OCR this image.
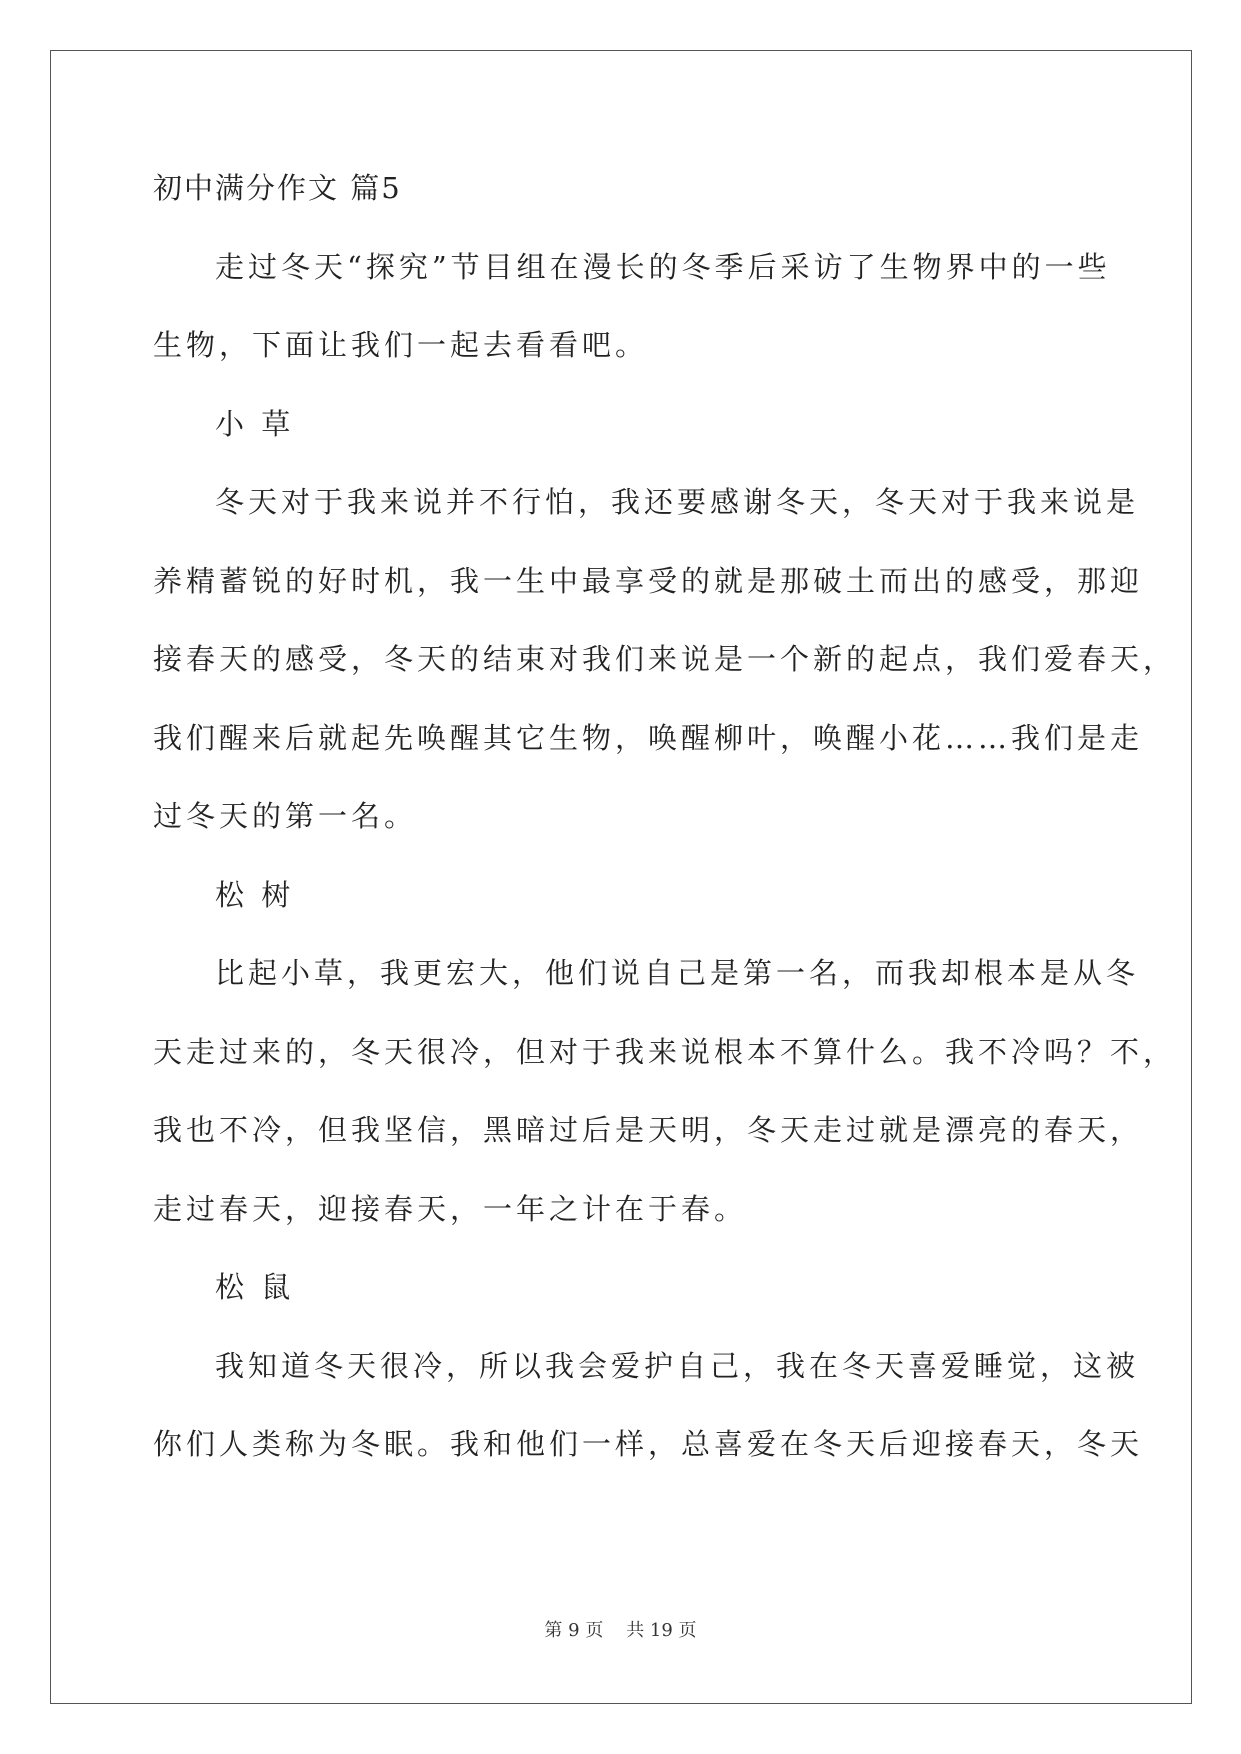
初中满分作文 篇5
走过冬天“探究”节目组在漫长的冬季后采访了生物界中的一些
生物，下面让我们一起去看看吧。
小 草
冬天对于我来说并不行怕，我还要感谢冬天，冬天对于我来说是
养精蓄锐的好时机，我一生中最享受的就是那破土而出的感受，那迎
接春天的感受，冬天的结束对我们来说是一个新的起点，我们爱春天，
我们醒来后就起先唤醒其它生物，唤醒柳叶，唤醒小花……我们是走
过冬天的第一名。
松 树
比起小草，我更宏大，他们说自己是第一名，而我却根本是从冬
天走过来的，冬天很冷，但对于我来说根本不算什么。我不冷吗？不，
我也不冷，但我坚信，黑暗过后是天明，冬天走过就是漂亮的春天，
走过春天，迎接春天，一年之计在于春。
松 鼠
我知道冬天很冷，所以我会爱护自己，我在冬天喜爱睡觉，这被
你们人类称为冬眠。我和他们一样，总喜爱在冬天后迎接春天，冬天
第 9 页    共 19 页
